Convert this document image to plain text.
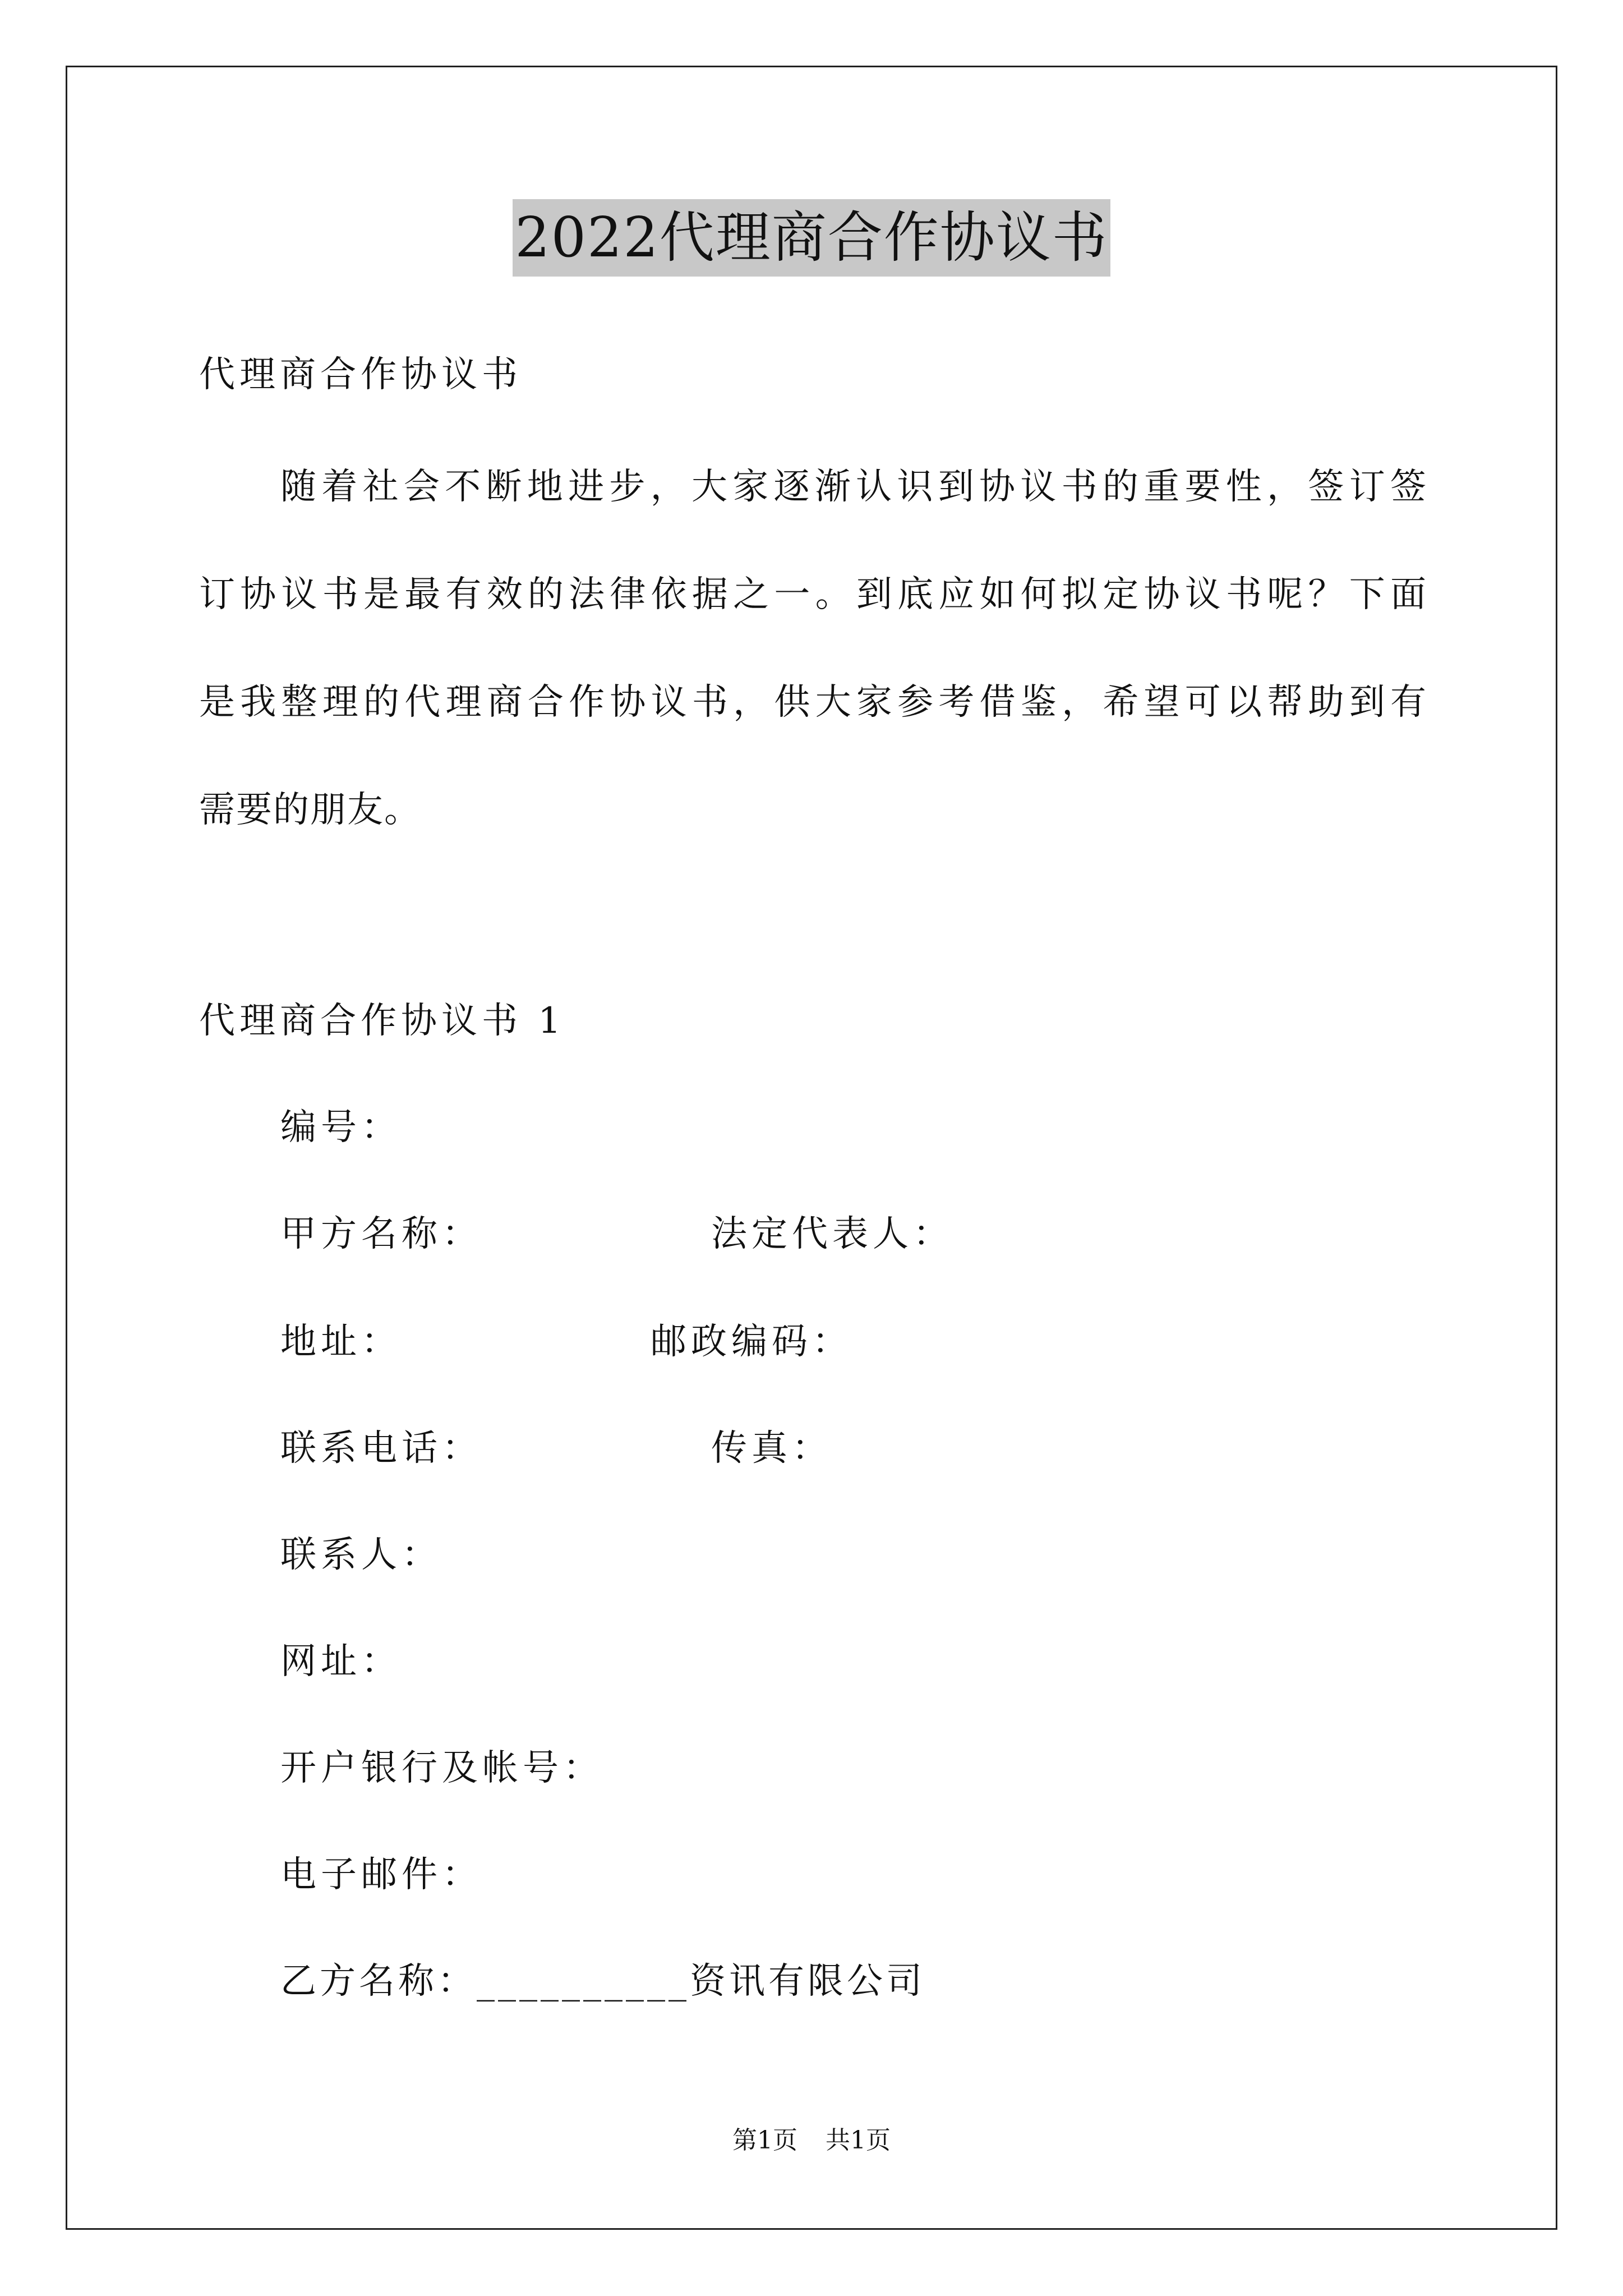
2022代理商合作协议书

代理商合作协议书

随着社会不断地进步，大家逐渐认识到协议书的重要性，签订签

订协议书是最有效的法律依据之一。到底应如何拟定协议书呢？下面

是我整理的代理商合作协议书，供大家参考借鉴，希望可以帮助到有

需要的朋友。

代理商合作协议书 1

编号：

甲方名称：	法定代表人：

地址：	邮政编码：

联系电话：	传真：

联系人：

网址：

开户银行及帐号：

电子邮件：

乙方名称：__________资讯有限公司

第1页 共1页
